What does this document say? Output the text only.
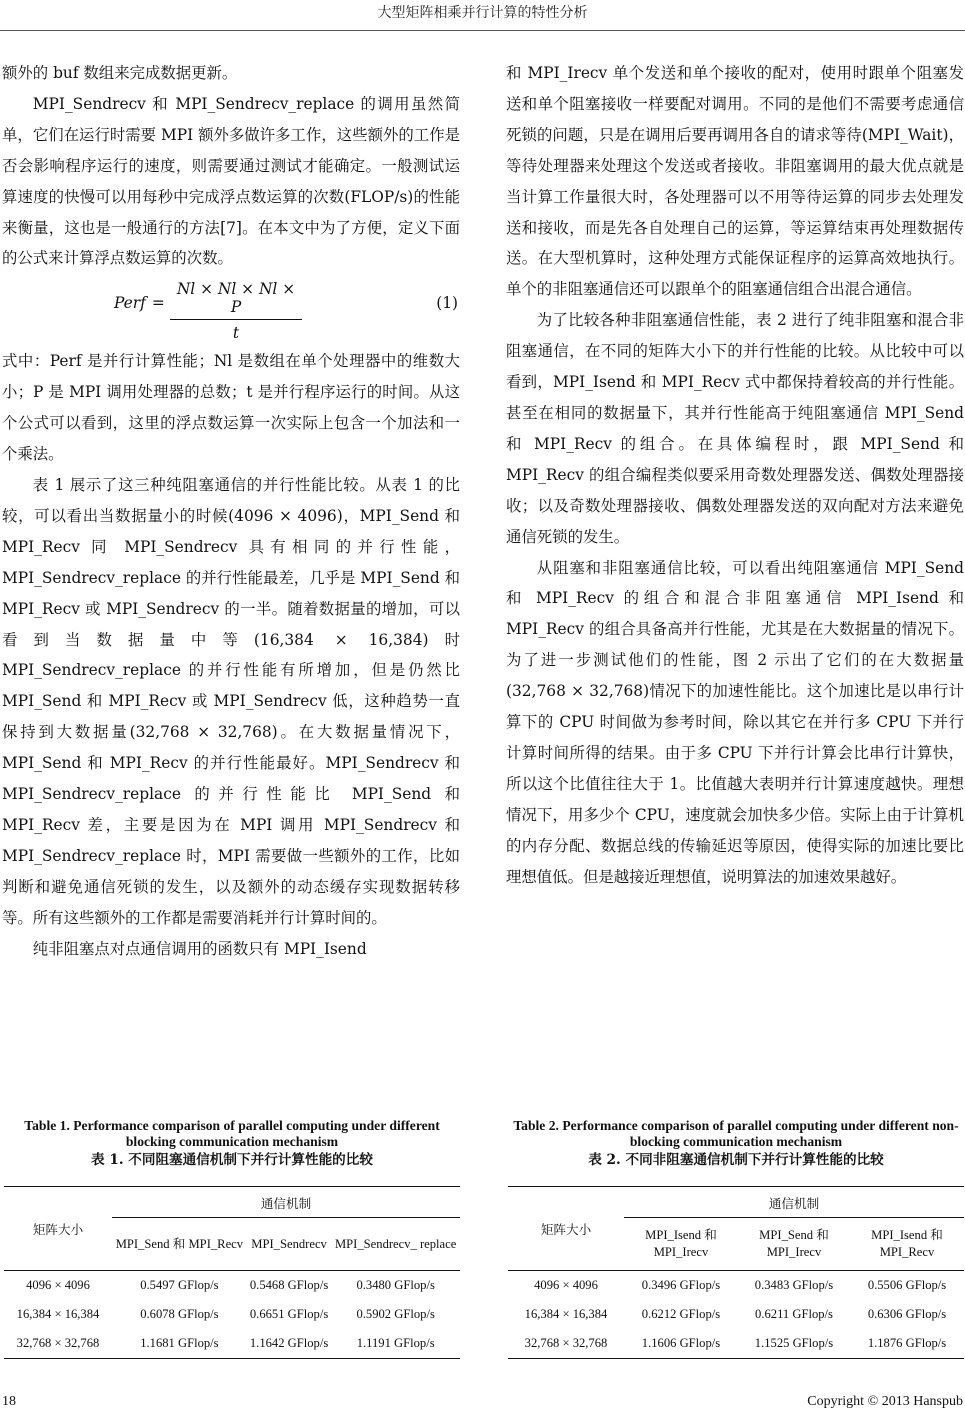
大型矩阵相乘并行计算的特性分析

额外的 buf 数组来完成数据更新。

MPI_Sendrecv 和 MPI_Sendrecv_replace 的调用虽然简单，它们在运行时需要 MPI 额外多做许多工作，这些额外的工作是否会影响程序运行的速度，则需要通过测试才能确定。一般测试运算速度的快慢可以用每秒中完成浮点数运算的次数(FLOP/s)的性能来衡量，这也是一般通行的方法[7]。在本文中为了方便，定义下面的公式来计算浮点数运算的次数。

Perf = $\frac{Nl \times Nl \times Nl \times P}{t}$	(1)

式中：Perf 是并行计算性能；Nl 是数组在单个处理器中的维数大小；P 是 MPI 调用处理器的总数；t 是并行程序运行的时间。从这个公式可以看到，这里的浮点数运算一次实际上包含一个加法和一个乘法。

表 1 展示了这三种纯阻塞通信的并行性能比较。从表 1 的比较，可以看出当数据量小的时候(4096 × 4096)，MPI_Send 和 MPI_Recv 同 MPI_Sendrecv 具有相同的并行性能，MPI_Sendrecv_replace 的并行性能最差，几乎是 MPI_Send 和 MPI_Recv 或 MPI_Sendrecv 的一半。随着数据量的增加，可以看到当数据量中等(16,384 × 16,384)时 MPI_Sendrecv_replace 的并行性能有所增加，但是仍然比 MPI_Send 和 MPI_Recv 或 MPI_Sendrecv 低，这种趋势一直保持到大数据量(32,768 × 32,768)。在大数据量情况下，MPI_Send 和 MPI_Recv 的并行性能最好。MPI_Sendrecv 和 MPI_Sendrecv_replace 的并行性能比 MPI_Send 和 MPI_Recv 差，主要是因为在 MPI 调用 MPI_Sendrecv 和 MPI_Sendrecv_replace 时，MPI 需要做一些额外的工作，比如判断和避免通信死锁的发生，以及额外的动态缓存实现数据转移等。所有这些额外的工作都是需要消耗并行计算时间的。

纯非阻塞点对点通信调用的函数只有 MPI_Isend

和 MPI_Irecv 单个发送和单个接收的配对，使用时跟单个阻塞发送和单个阻塞接收一样要配对调用。不同的是他们不需要考虑通信死锁的问题，只是在调用后要再调用各自的请求等待(MPI_Wait)，等待处理器来处理这个发送或者接收。非阻塞调用的最大优点就是当计算工作量很大时，各处理器可以不用等待运算的同步去处理发送和接收，而是先各自处理自己的运算，等运算结束再处理数据传送。在大型机算时，这种处理方式能保证程序的运算高效地执行。单个的非阻塞通信还可以跟单个的阻塞通信组合出混合通信。

为了比较各种非阻塞通信性能，表 2 进行了纯非阻塞和混合非阻塞通信，在不同的矩阵大小下的并行性能的比较。从比较中可以看到，MPI_Isend 和 MPI_Recv 式中都保持着较高的并行性能。甚至在相同的数据量下，其并行性能高于纯阻塞通信 MPI_Send 和 MPI_Recv 的组合。在具体编程时，跟 MPI_Send 和 MPI_Recv 的组合编程类似要采用奇数处理器发送、偶数处理器接收；以及奇数处理器接收、偶数处理器发送的双向配对方法来避免通信死锁的发生。

从阻塞和非阻塞通信比较，可以看出纯阻塞通信 MPI_Send 和 MPI_Recv 的组合和混合非阻塞通信 MPI_Isend 和 MPI_Recv 的组合具备高并行性能，尤其是在大数据量的情况下。为了进一步测试他们的性能，图 2 示出了它们的在大数据量(32,768 × 32,768)情况下的加速性能比。这个加速比是以串行计算下的 CPU 时间做为参考时间，除以其它在并行多 CPU 下并行计算时间所得的结果。由于多 CPU 下并行计算会比串行计算快，所以这个比值往往大于 1。比值越大表明并行计算速度越快。理想情况下，用多少个 CPU，速度就会加快多少倍。实际上由于计算机的内存分配、数据总线的传输延迟等原因，使得实际的加速比要比理想值低。但是越接近理想值，说明算法的加速效果越好。

Table 1. Performance comparison of parallel computing under different blocking communication mechanism
表 1. 不同阻塞通信机制下并行计算性能的比较
矩阵大小	通信机制		
	MPI_Send 和 MPI_Recv	MPI_Sendrecv	MPI_Sendrecv_ replace
4096 × 4096	0.5497 GFlop/s	0.5468 GFlop/s	0.3480 GFlop/s
16,384 × 16,384	0.6078 GFlop/s	0.6651 GFlop/s	0.5902 GFlop/s
32,768 × 32,768	1.1681 GFlop/s	1.1642 GFlop/s	1.1191 GFlop/s
Table 2. Performance comparison of parallel computing under different non-blocking communication mechanism
表 2. 不同非阻塞通信机制下并行计算性能的比较
矩阵大小	通信机制		
	MPI_Isend 和 MPI_Irecv	MPI_Send 和 MPI_Irecv	MPI_Isend 和 MPI_Recv
4096 × 4096	0.3496 GFlop/s	0.3483 GFlop/s	0.5506 GFlop/s
16,384 × 16,384	0.6212 GFlop/s	0.6211 GFlop/s	0.6306 GFlop/s
32,768 × 32,768	1.1606 GFlop/s	1.1525 GFlop/s	1.1876 GFlop/s
18	Copyright © 2013 Hanspub
